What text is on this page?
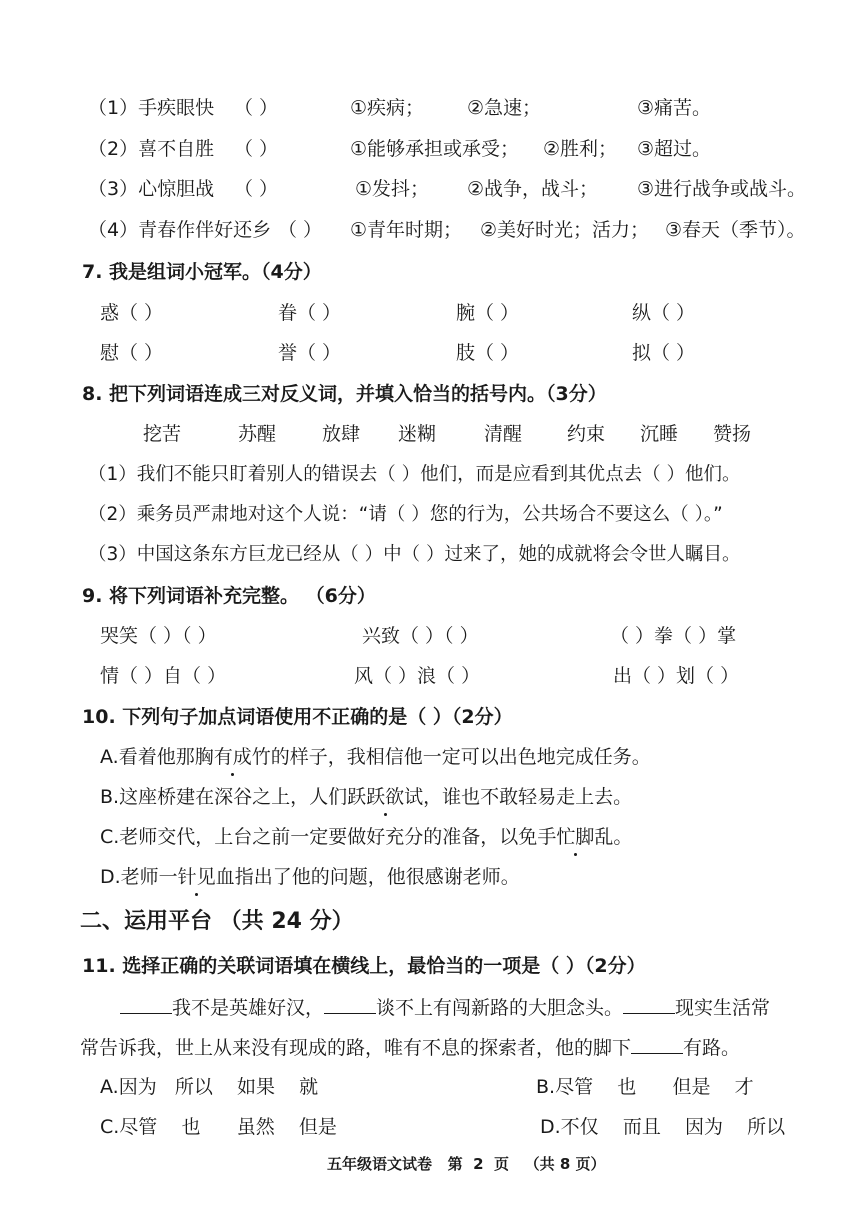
（1）手疾眼快 （ ）	①疾病； ②急速；	③痛苦。
（2）喜不自胜 （ ）	①能够承担或承受； ②胜利； ③超过。
（3）心惊胆战 （ ）	①发抖； ②战争，战斗； ③进行战争或战斗。
（4）青春作伴好还乡 （ ） ①青年时期； ②美好时光；活力； ③春天（季节）。
7. 我是组词小冠军。（4分）
惑（ ）	眷（ ）	腕（ ）	纵（ ）
慰（ ）	誉（ ）	肢（ ）	拟（ ）
8. 把下列词语连成三对反义词，并填入恰当的括号内。（3分）
挖苦	苏醒 放肆 迷糊	清醒 约束 沉睡 赞扬
（1）我们不能只盯着别人的错误去（ ）他们，而是应看到其优点去（ ）他们。
（2）乘务员严肃地对这个人说：“请（ ）您的行为，公共场合不要这么（ ）。”
（3）中国这条东方巨龙已经从（ ）中（ ）过来了，她的成就将会令世人瞩目。
9. 将下列词语补充完整。 （6分）
哭笑（ ）（ ）	兴致（ ）（ ）	（ ）拳（ ）掌
情（ ）自（ ）	风（ ）浪（ ）	出（ ）划（ ）
10. 下列句子加点词语使用不正确的是（ ）（2分）
A.看着他那胸有成竹的样子，我相信他一定可以出色地完成任务。
B.这座桥建在深谷之上，人们跃跃欲试，谁也不敢轻易走上去。
C.老师交代，上台之前一定要做好充分的准备，以免手忙脚乱。
D.老师一针见血指出了他的问题，他很感谢老师。
二、运用平台 （共 24 分）
11. 选择正确的关联词语填在横线上，最恰当的一项是（ ）（2分）
我不是英雄好汉，	谈不上有闯新路的大胆念头。	现实生活常
常告诉我，世上从来没有现成的路，唯有不息的探索者，他的脚下	有路。
A.因为   所以    如果    就	B.尽管    也      但是    才
C.尽管    也      虽然    但是	D.不仅    而且    因为    所以
五年级语文试卷   第  2  页   （共 8 页）
